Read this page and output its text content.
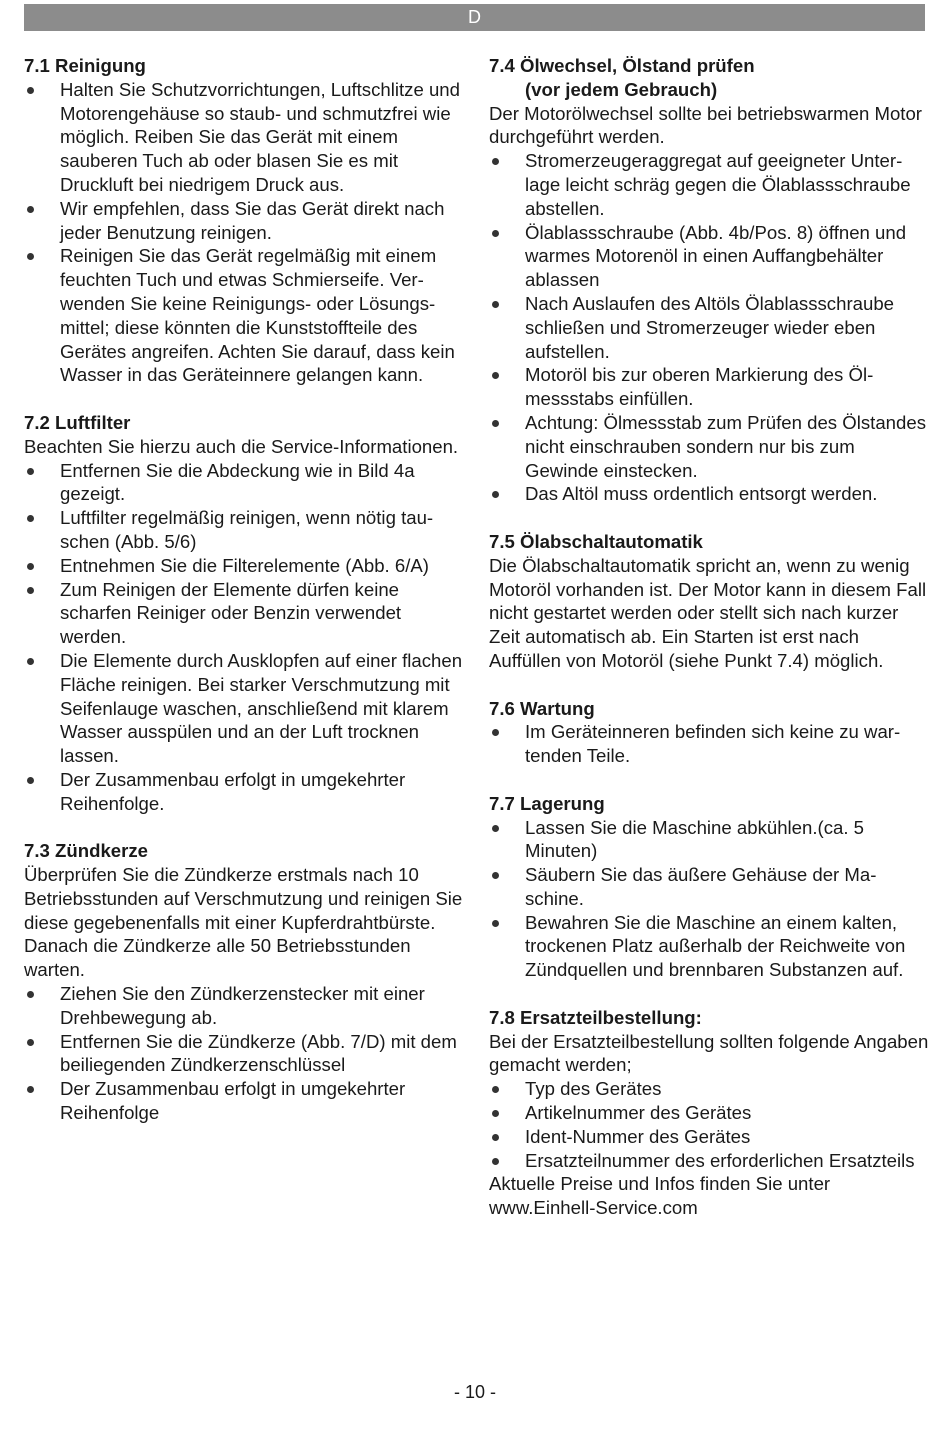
D
7.1 Reinigung
Halten Sie Schutzvorrichtungen, Luftschlitze und Motorengehäuse so staub- und schmutzfrei wie möglich. Reiben Sie das Gerät mit einem sauberen Tuch ab oder blasen Sie es mit Druckluft bei niedrigem Druck aus.
Wir empfehlen, dass Sie das Gerät direkt nach jeder Benutzung reinigen.
Reinigen Sie das Gerät regelmäßig mit einem feuchten Tuch und etwas Schmierseife. Verwenden Sie keine Reinigungs- oder Lösungsmittel; diese könnten die Kunststoffteile des Gerätes angreifen. Achten Sie darauf, dass kein Wasser in das Geräteinnere gelangen kann.
7.2 Luftfilter

Beachten Sie hierzu auch die Service-Informationen.

Entfernen Sie die Abdeckung wie in Bild 4a gezeigt.
Luftfilter regelmäßig reinigen, wenn nötig tauschen (Abb. 5/6)
Entnehmen Sie die Filterelemente (Abb. 6/A)
Zum Reinigen der Elemente dürfen keine scharfen Reiniger oder Benzin verwendet werden.
Die Elemente durch Ausklopfen auf einer flachen Fläche reinigen. Bei starker Verschmutzung mit Seifenlauge waschen, anschließend mit klarem Wasser ausspülen und an der Luft trocknen lassen.
Der Zusammenbau erfolgt in umgekehrter Reihenfolge.
7.3 Zündkerze

Überprüfen Sie die Zündkerze erstmals nach 10 Betriebsstunden auf Verschmutzung und reinigen Sie diese gegebenenfalls mit einer Kupferdrahtbürste. Danach die Zündkerze alle 50 Betriebsstunden warten.

Ziehen Sie den Zündkerzenstecker mit einer Drehbewegung ab.
Entfernen Sie die Zündkerze (Abb. 7/D) mit dem beiliegenden Zündkerzenschlüssel
Der Zusammenbau erfolgt in umgekehrter Reihenfolge
7.4 Ölwechsel, Ölstand prüfen
(vor jedem Gebrauch)

Der Motorölwechsel sollte bei betriebswarmen Motor durchgeführt werden.

Stromerzeugeraggregat auf geeigneter Unterlage leicht schräg gegen die Ölablassschraube abstellen.
Ölablassschraube (Abb. 4b/Pos. 8) öffnen und warmes Motorenöl in einen Auffangbehälter ablassen
Nach Auslaufen des Altöls Ölablassschraube schließen und Stromerzeuger wieder eben aufstellen.
Motoröl bis zur oberen Markierung des Ölmessstabs einfüllen.
Achtung: Ölmessstab zum Prüfen des Ölstandes nicht einschrauben sondern nur bis zum Gewinde einstecken.
Das Altöl muss ordentlich entsorgt werden.
7.5 Ölabschaltautomatik

Die Ölabschaltautomatik spricht an, wenn zu wenig Motoröl vorhanden ist. Der Motor kann in diesem Fall nicht gestartet werden oder stellt sich nach kurzer Zeit automatisch ab. Ein Starten ist erst nach Auffüllen von Motoröl (siehe Punkt 7.4) möglich.

7.6 Wartung
Im Geräteinneren befinden sich keine zu wartenden Teile.
7.7 Lagerung
Lassen Sie die Maschine abkühlen.(ca. 5 Minuten)
Säubern Sie das äußere Gehäuse der Maschine.
Bewahren Sie die Maschine an einem kalten, trockenen Platz außerhalb der Reichweite von Zündquellen und brennbaren Substanzen auf.
7.8 Ersatzteilbestellung:

Bei der Ersatzteilbestellung sollten folgende Angaben gemacht werden;

Typ des Gerätes
Artikelnummer des Gerätes
Ident-Nummer des Gerätes
Ersatzteilnummer des erforderlichen Ersatzteils

Aktuelle Preise und Infos finden Sie unter www.Einhell-Service.com

- 10 -
